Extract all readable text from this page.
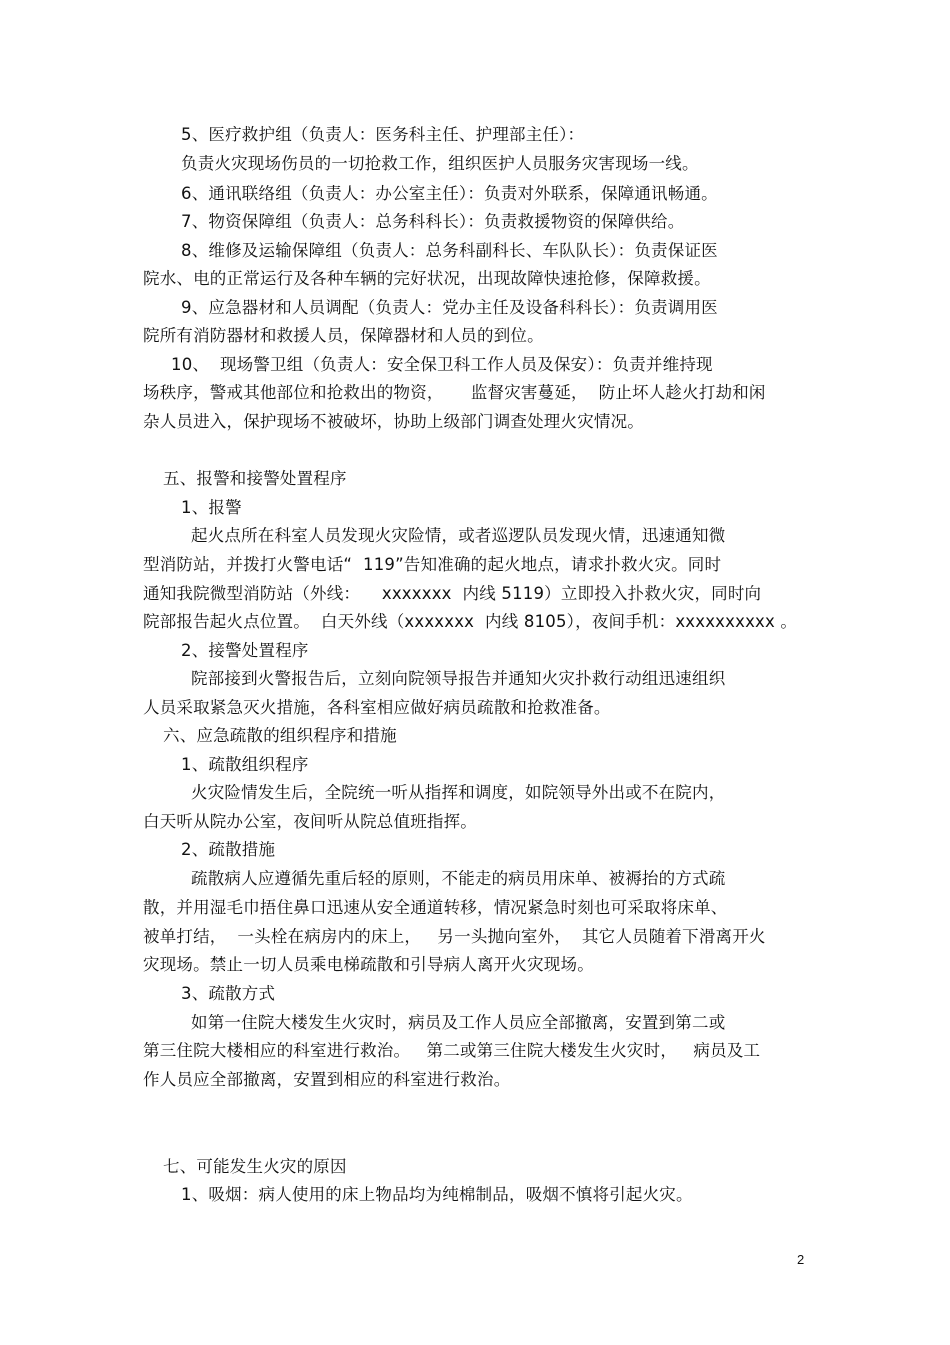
5、医疗救护组（负责人：医务科主任、护理部主任）：
负责火灾现场伤员的一切抢救工作，组织医护人员服务灾害现场一线。
6、通讯联络组（负责人：办公室主任）：负责对外联系，保障通讯畅通。
7、物资保障组（负责人：总务科科长）：负责救援物资的保障供给。
8、维修及运输保障组（负责人：总务科副科长、车队队长）：负责保证医
院水、电的正常运行及各种车辆的完好状况，出现故障快速抢修，保障救援。
9、应急器材和人员调配（负责人：党办主任及设备科科长）：负责调用医
院所有消防器材和救援人员，保障器材和人员的到位。
10、  现场警卫组（负责人：安全保卫科工作人员及保安）：负责并维持现
场秩序，警戒其他部位和抢救出的物资，     监督灾害蔓延，  防止坏人趁火打劫和闲
杂人员进入，保护现场不被破坏，协助上级部门调查处理火灾情况。
五、报警和接警处置程序
1、报警
起火点所在科室人员发现火灾险情，或者巡逻队员发现火情，迅速通知微
型消防站，并拨打火警电话“  119”告知准确的起火地点，请求扑救火灾。同时
通知我院微型消防站（外线：    xxxxxxx  内线 5119）立即投入扑救火灾，同时向
院部报告起火点位置。  白天外线（xxxxxxx  内线 8105），夜间手机：xxxxxxxxxx 。
2、接警处置程序
院部接到火警报告后，立刻向院领导报告并通知火灾扑救行动组迅速组织
人员采取紧急灭火措施，各科室相应做好病员疏散和抢救准备。
六、应急疏散的组织程序和措施
1、疏散组织程序
火灾险情发生后，全院统一听从指挥和调度，如院领导外出或不在院内，
白天听从院办公室，夜间听从院总值班指挥。
2、疏散措施
疏散病人应遵循先重后轻的原则，不能走的病员用床单、被褥抬的方式疏
散，并用湿毛巾捂住鼻口迅速从安全通道转移，情况紧急时刻也可采取将床单、
被单打结，  一头栓在病房内的床上，   另一头抛向室外，  其它人员随着下滑离开火
灾现场。禁止一切人员乘电梯疏散和引导病人离开火灾现场。
3、疏散方式
如第一住院大楼发生火灾时，病员及工作人员应全部撤离，安置到第二或
第三住院大楼相应的科室进行救治。   第二或第三住院大楼发生火灾时，   病员及工
作人员应全部撤离，安置到相应的科室进行救治。
七、可能发生火灾的原因
1、吸烟：病人使用的床上物品均为纯棉制品，吸烟不慎将引起火灾。
2
